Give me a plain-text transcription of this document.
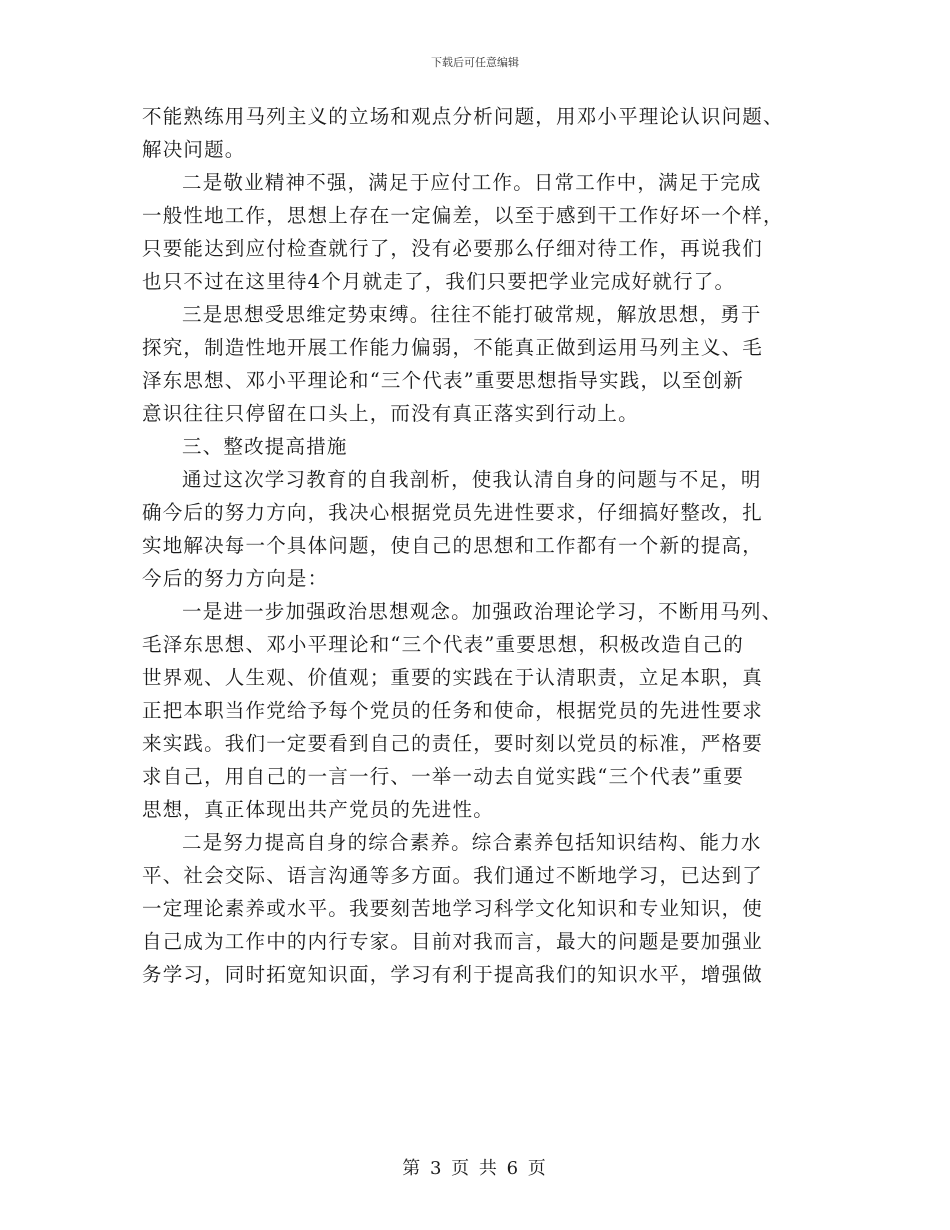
下载后可任意编辑
不能熟练用马列主义的立场和观点分析问题，用邓小平理论认识问题、
解决问题。
二是敬业精神不强，满足于应付工作。日常工作中，满足于完成
一般性地工作，思想上存在一定偏差，以至于感到干工作好坏一个样，
只要能达到应付检查就行了，没有必要那么仔细对待工作，再说我们
也只不过在这里待4个月就走了，我们只要把学业完成好就行了。
三是思想受思维定势束缚。往往不能打破常规，解放思想，勇于
探究，制造性地开展工作能力偏弱，不能真正做到运用马列主义、毛
泽东思想、邓小平理论和“三个代表”重要思想指导实践，以至创新
意识往往只停留在口头上，而没有真正落实到行动上。
三、整改提高措施
通过这次学习教育的自我剖析，使我认清自身的问题与不足，明
确今后的努力方向，我决心根据党员先进性要求，仔细搞好整改，扎
实地解决每一个具体问题，使自己的思想和工作都有一个新的提高，
今后的努力方向是：
一是进一步加强政治思想观念。加强政治理论学习，不断用马列、
毛泽东思想、邓小平理论和“三个代表”重要思想，积极改造自己的
世界观、人生观、价值观；重要的实践在于认清职责，立足本职，真
正把本职当作党给予每个党员的任务和使命，根据党员的先进性要求
来实践。我们一定要看到自己的责任，要时刻以党员的标准，严格要
求自己，用自己的一言一行、一举一动去自觉实践“三个代表”重要
思想，真正体现出共产党员的先进性。
二是努力提高自身的综合素养。综合素养包括知识结构、能力水
平、社会交际、语言沟通等多方面。我们通过不断地学习，已达到了
一定理论素养或水平。我要刻苦地学习科学文化知识和专业知识，使
自己成为工作中的内行专家。目前对我而言，最大的问题是要加强业
务学习，同时拓宽知识面，学习有利于提高我们的知识水平，增强做
第 3 页 共 6 页
